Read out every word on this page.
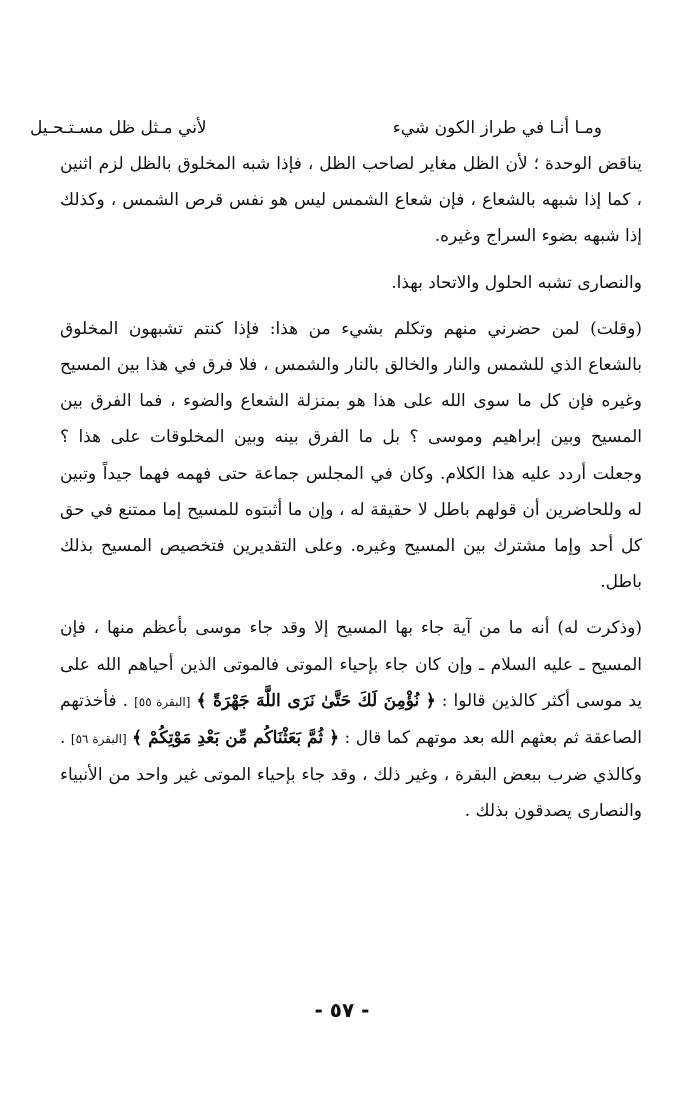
ومـا أنـا في طراز الكون شيء
لأني مـثل ظل مسـتـحـيل

يناقض الوحدة ؛ لأن الظل مغاير لصاحب الظل ، فإذا شبه المخلوق بالظل لزم اثنين ، كما إذا شبهه بالشعاع ، فإن شعاع الشمس ليس هو نفس قرص الشمس ، وكذلك إذا شبهه بضوء السراج وغيره.

والنصارى تشبه الحلول والاتحاد بهذا.

(وقلت) لمن حضرني منهم وتكلم بشيء من هذا: فإذا كنتم تشبهون المخلوق بالشعاع الذي للشمس والنار والخالق بالنار والشمس ، فلا فرق في هذا بين المسيح وغيره فإن كل ما سوى الله على هذا هو بمنزلة الشعاع والضوء ، فما الفرق بين المسيح وبين إبراهيم وموسى ؟ بل ما الفرق بينه وبين المخلوقات على هذا ؟ وجعلت أردد عليه هذا الكلام. وكان في المجلس جماعة حتى فهمه فهما جيداً وتبين له وللحاضرين أن قولهم باطل لا حقيقة له ، وإن ما أثبتوه للمسيح إما ممتنع في حق كل أحد وإما مشترك بين المسيح وغيره. وعلى التقديرين فتخصيص المسيح بذلك باطل.

(وذكرت له) أنه ما من آية جاء بها المسيح إلا وقد جاء موسى بأعظم منها ، فإن المسيح ـ عليه السلام ـ وإن كان جاء بإحياء الموتى فالموتى الذين أحياهم الله على يد موسى أكثر كالذين قالوا : ﴿ نُؤْمِنَ لَكَ حَتَّىٰ نَرَى اللَّهَ جَهْرَةً ﴾ [البقرة ٥٥] . فأخذتهم الصاعقة ثم بعثهم الله بعد موتهم كما قال : ﴿ ثُمَّ بَعَثْنَاكُم مِّن بَعْدِ مَوْتِكُمْ ﴾ [البقرة ٥٦] . وكالذي ضرب ببعض البقرة ، وغير ذلك ، وقد جاء بإحياء الموتى غير واحد من الأنبياء والنصارى يصدقون بذلك .

- ٥٧ -
